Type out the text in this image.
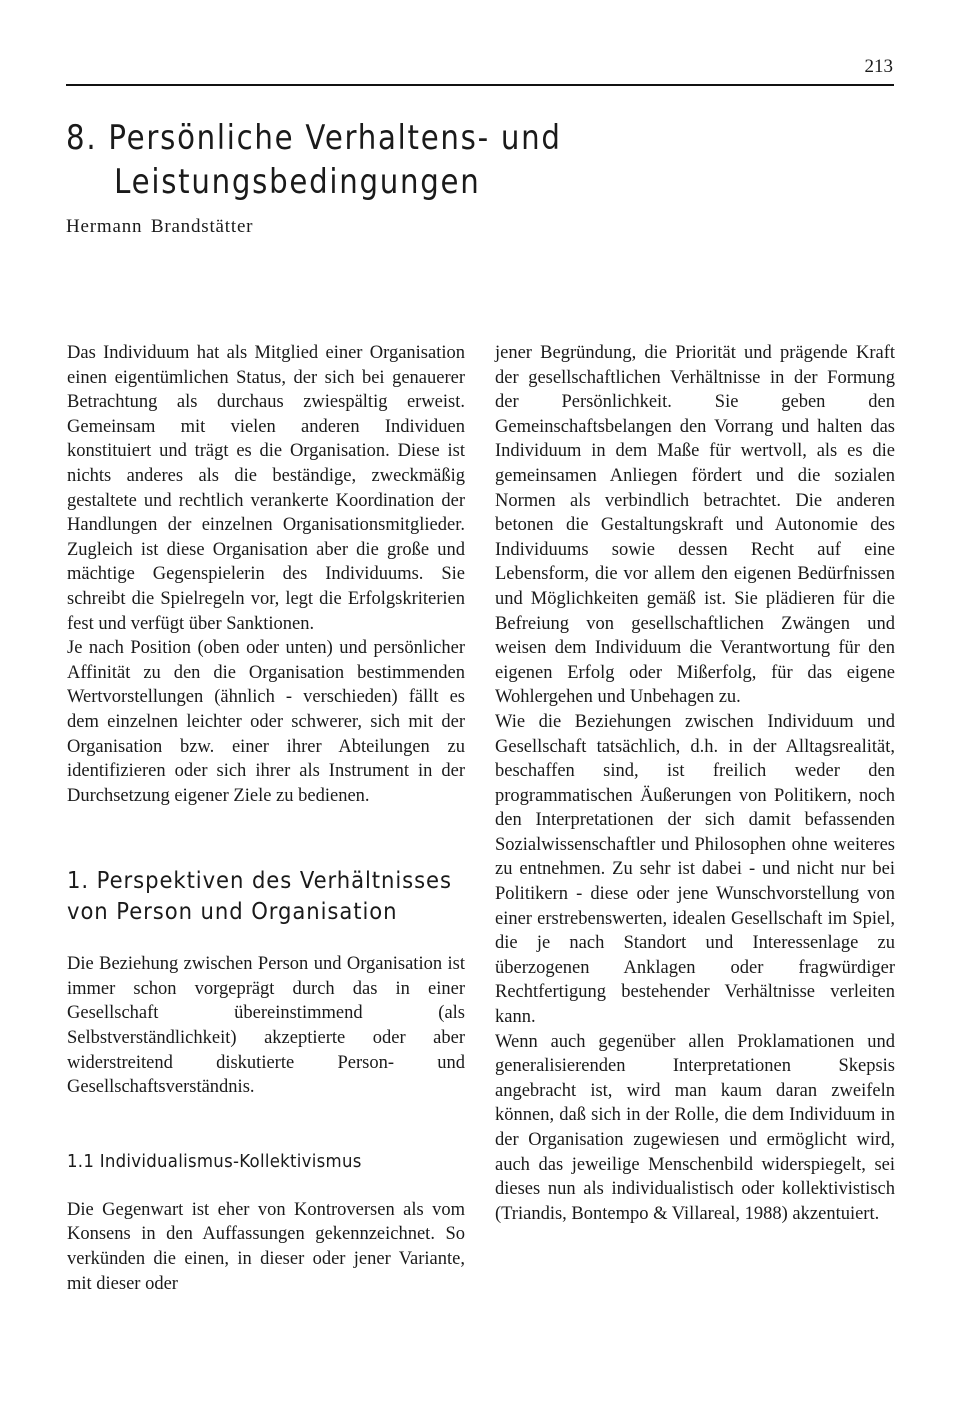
213
8. Persönliche Verhaltens- und
Leistungsbedingungen
Hermann Brandstätter

Das Individuum hat als Mitglied einer Organisation einen eigentümlichen Status, der sich bei genauerer Betrachtung als durchaus zwiespältig erweist. Gemeinsam mit vielen anderen Individuen konstituiert und trägt es die Organisation. Diese ist nichts anderes als die beständige, zweckmäßig gestaltete und rechtlich verankerte Koordination der Handlungen der einzelnen Organisationsmitglieder. Zugleich ist diese Organisation aber die große und mächtige Gegenspielerin des Individuums. Sie schreibt die Spielregeln vor, legt die Erfolgskriterien fest und verfügt über Sanktionen.

Je nach Position (oben oder unten) und persönlicher Affinität zu den die Organisation bestimmenden Wertvorstellungen (ähnlich - verschieden) fällt es dem einzelnen leichter oder schwerer, sich mit der Organisation bzw. einer ihrer Abteilungen zu identifizieren oder sich ihrer als Instrument in der Durchsetzung eigener Ziele zu bedienen.

1. Perspektiven des Verhältnisses
von Person und Organisation

Die Beziehung zwischen Person und Organisation ist immer schon vorgeprägt durch das in einer Gesellschaft übereinstimmend (als Selbstverständlichkeit) akzeptierte oder aber widerstreitend diskutierte Person- und Gesellschaftsverständnis.

1.1 Individualismus-Kollektivismus

Die Gegenwart ist eher von Kontroversen als vom Konsens in den Auffassungen gekennzeichnet. So verkünden die einen, in dieser oder jener Variante, mit dieser oder

jener Begründung, die Priorität und prägende Kraft der gesellschaftlichen Verhältnisse in der Formung der Persönlichkeit. Sie geben den Gemeinschaftsbelangen den Vorrang und halten das Individuum in dem Maße für wertvoll, als es die gemeinsamen Anliegen fördert und die sozialen Normen als verbindlich betrachtet. Die anderen betonen die Gestaltungskraft und Autonomie des Individuums sowie dessen Recht auf eine Lebensform, die vor allem den eigenen Bedürfnissen und Möglichkeiten gemäß ist. Sie plädieren für die Befreiung von gesellschaftlichen Zwängen und weisen dem Individuum die Verantwortung für den eigenen Erfolg oder Mißerfolg, für das eigene Wohlergehen und Unbehagen zu.

Wie die Beziehungen zwischen Individuum und Gesellschaft tatsächlich, d.h. in der Alltagsrealität, beschaffen sind, ist freilich weder den programmatischen Äußerungen von Politikern, noch den Interpretationen der sich damit befassenden Sozialwissenschaftler und Philosophen ohne weiteres zu entnehmen. Zu sehr ist dabei - und nicht nur bei Politikern - diese oder jene Wunschvorstellung von einer erstrebenswerten, idealen Gesellschaft im Spiel, die je nach Standort und Interessenlage zu überzogenen Anklagen oder fragwürdiger Rechtfertigung bestehender Verhältnisse verleiten kann.

Wenn auch gegenüber allen Proklamationen und generalisierenden Interpretationen Skepsis angebracht ist, wird man kaum daran zweifeln können, daß sich in der Rolle, die dem Individuum in der Organisation zugewiesen und ermöglicht wird, auch das jeweilige Menschenbild widerspiegelt, sei dieses nun als individualistisch oder kollektivistisch (Triandis, Bontempo & Villareal, 1988) akzentuiert.
